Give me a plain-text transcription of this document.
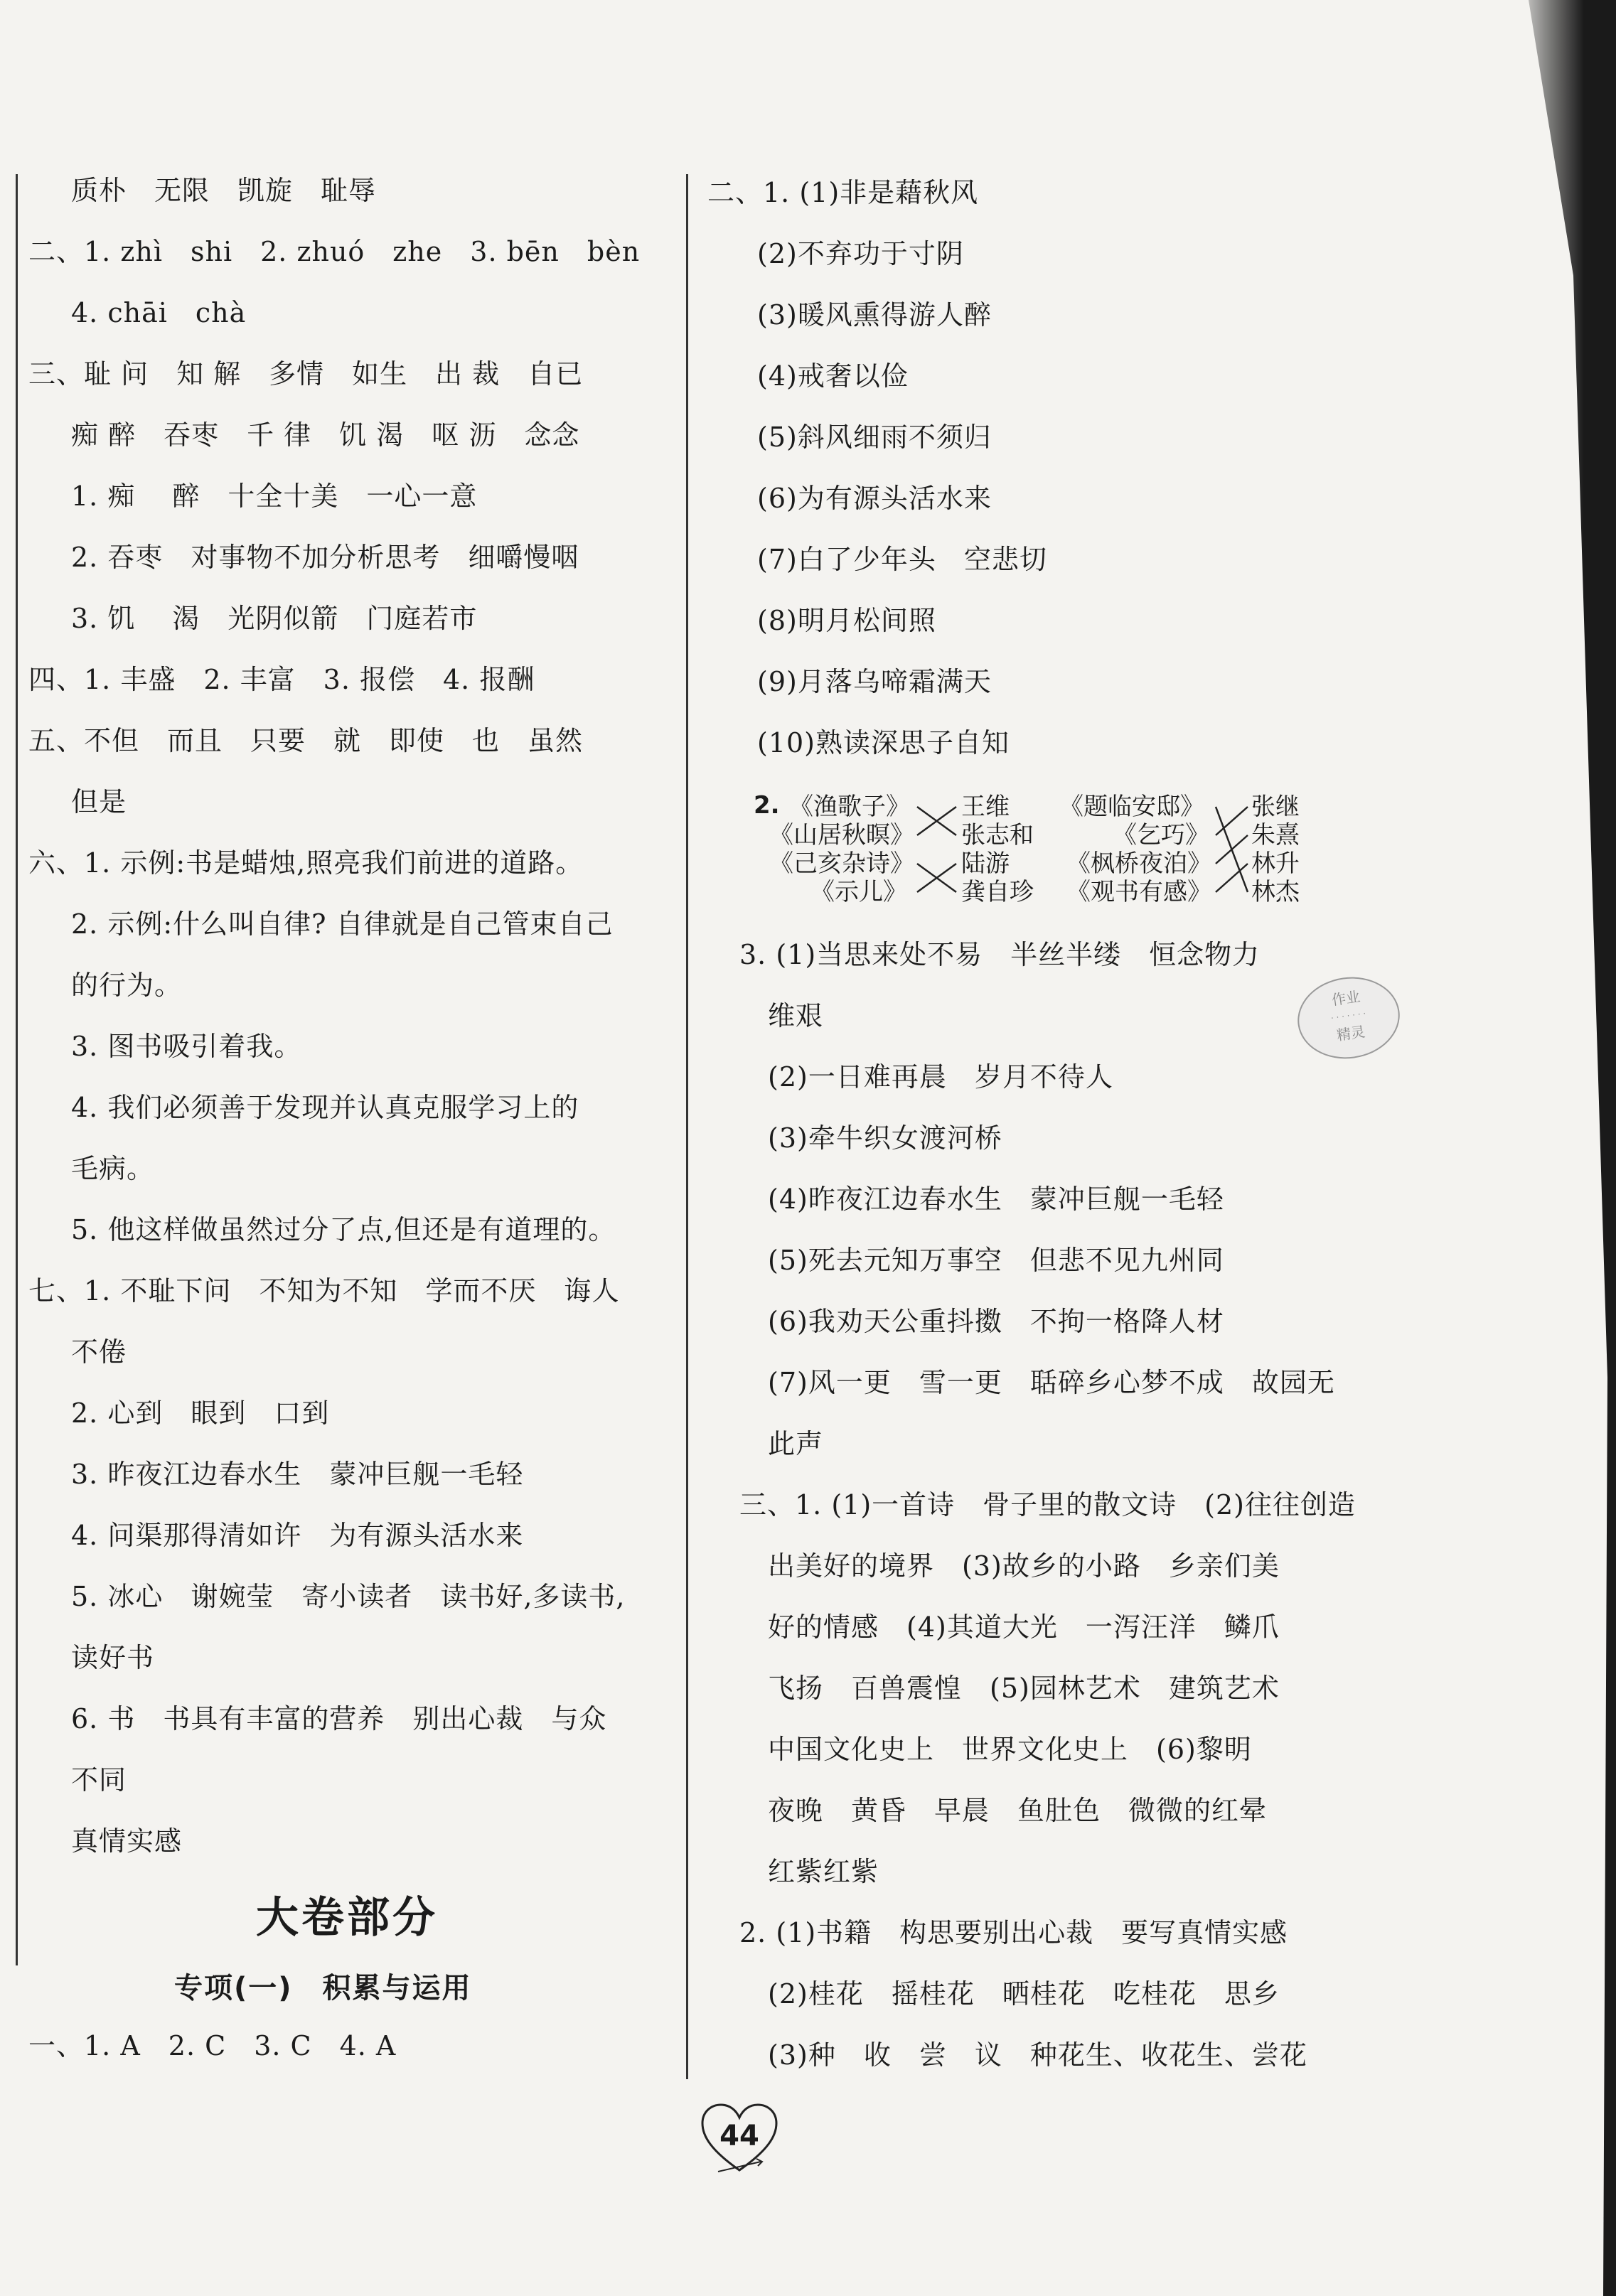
质朴　无限　凯旋　耻辱
二、1. zhì　shi　2. zhuó　zhe　3. bēn　bèn
4. chāi　chà
三、耻 问　知 解　多情　如生　出 裁　自已
痴 醉　吞枣　千 律　饥 渴　呕 沥　念念
1. 痴　 醉　十全十美　一心一意
2. 吞枣　对事物不加分析思考　细嚼慢咽
3. 饥　 渴　光阴似箭　门庭若市
四、1. 丰盛　2. 丰富　3. 报偿　4. 报酬
五、不但　而且　只要　就　即使　也　虽然
但是
六、1. 示例:书是蜡烛,照亮我们前进的道路。
2. 示例:什么叫自律? 自律就是自己管束自己
的行为。
3. 图书吸引着我。
4. 我们必须善于发现并认真克服学习上的
毛病。
5. 他这样做虽然过分了点,但还是有道理的。
七、1. 不耻下问　不知为不知　学而不厌　诲人
不倦
2. 心到　眼到　口到
3. 昨夜江边春水生　蒙冲巨舰一毛轻
4. 问渠那得清如许　为有源头活水来
5. 冰心　谢婉莹　寄小读者　读书好,多读书,
读好书
6. 书　书具有丰富的营养　别出心裁　与众
不同
真情实感
大卷部分
专项(一)　积累与运用
一、1. A　2. C　3. C　4. A
二、1. (1)非是藉秋风
(2)不弃功于寸阴
(3)暖风熏得游人醉
(4)戒奢以俭
(5)斜风细雨不须归
(6)为有源头活水来
(7)白了少年头　空悲切
(8)明月松间照
(9)月落乌啼霜满天
(10)熟读深思子自知
3. (1)当思来处不易　半丝半缕　恒念物力
维艰
(2)一日难再晨　岁月不待人
(3)牵牛织女渡河桥
(4)昨夜江边春水生　蒙冲巨舰一毛轻
(5)死去元知万事空　但悲不见九州同
(6)我劝天公重抖擞　不拘一格降人材
(7)风一更　雪一更　聒碎乡心梦不成　故园无
此声
三、1. (1)一首诗　骨子里的散文诗　(2)往往创造
出美好的境界　(3)故乡的小路　乡亲们美
好的情感　(4)其道大光　一泻汪洋　鳞爪
飞扬　百兽震惶　(5)园林艺术　建筑艺术
中国文化史上　世界文化史上　(6)黎明
夜晚　黄昏　早晨　鱼肚色　微微的红晕
红紫红紫
2. (1)书籍　构思要别出心裁　要写真情实感
(2)桂花　摇桂花　晒桂花　吃桂花　思乡
(3)种　收　尝　议　种花生、收花生、尝花
2. 《渔歌子》
《山居秋暝》
《己亥杂诗》
《示儿》
王维
张志和
陆游
龚自珍
《题临安邸》
《乞巧》
《枫桥夜泊》
《观书有感》
张继
朱熹
林升
林杰
作业
· · · · · · ·
精灵
44
